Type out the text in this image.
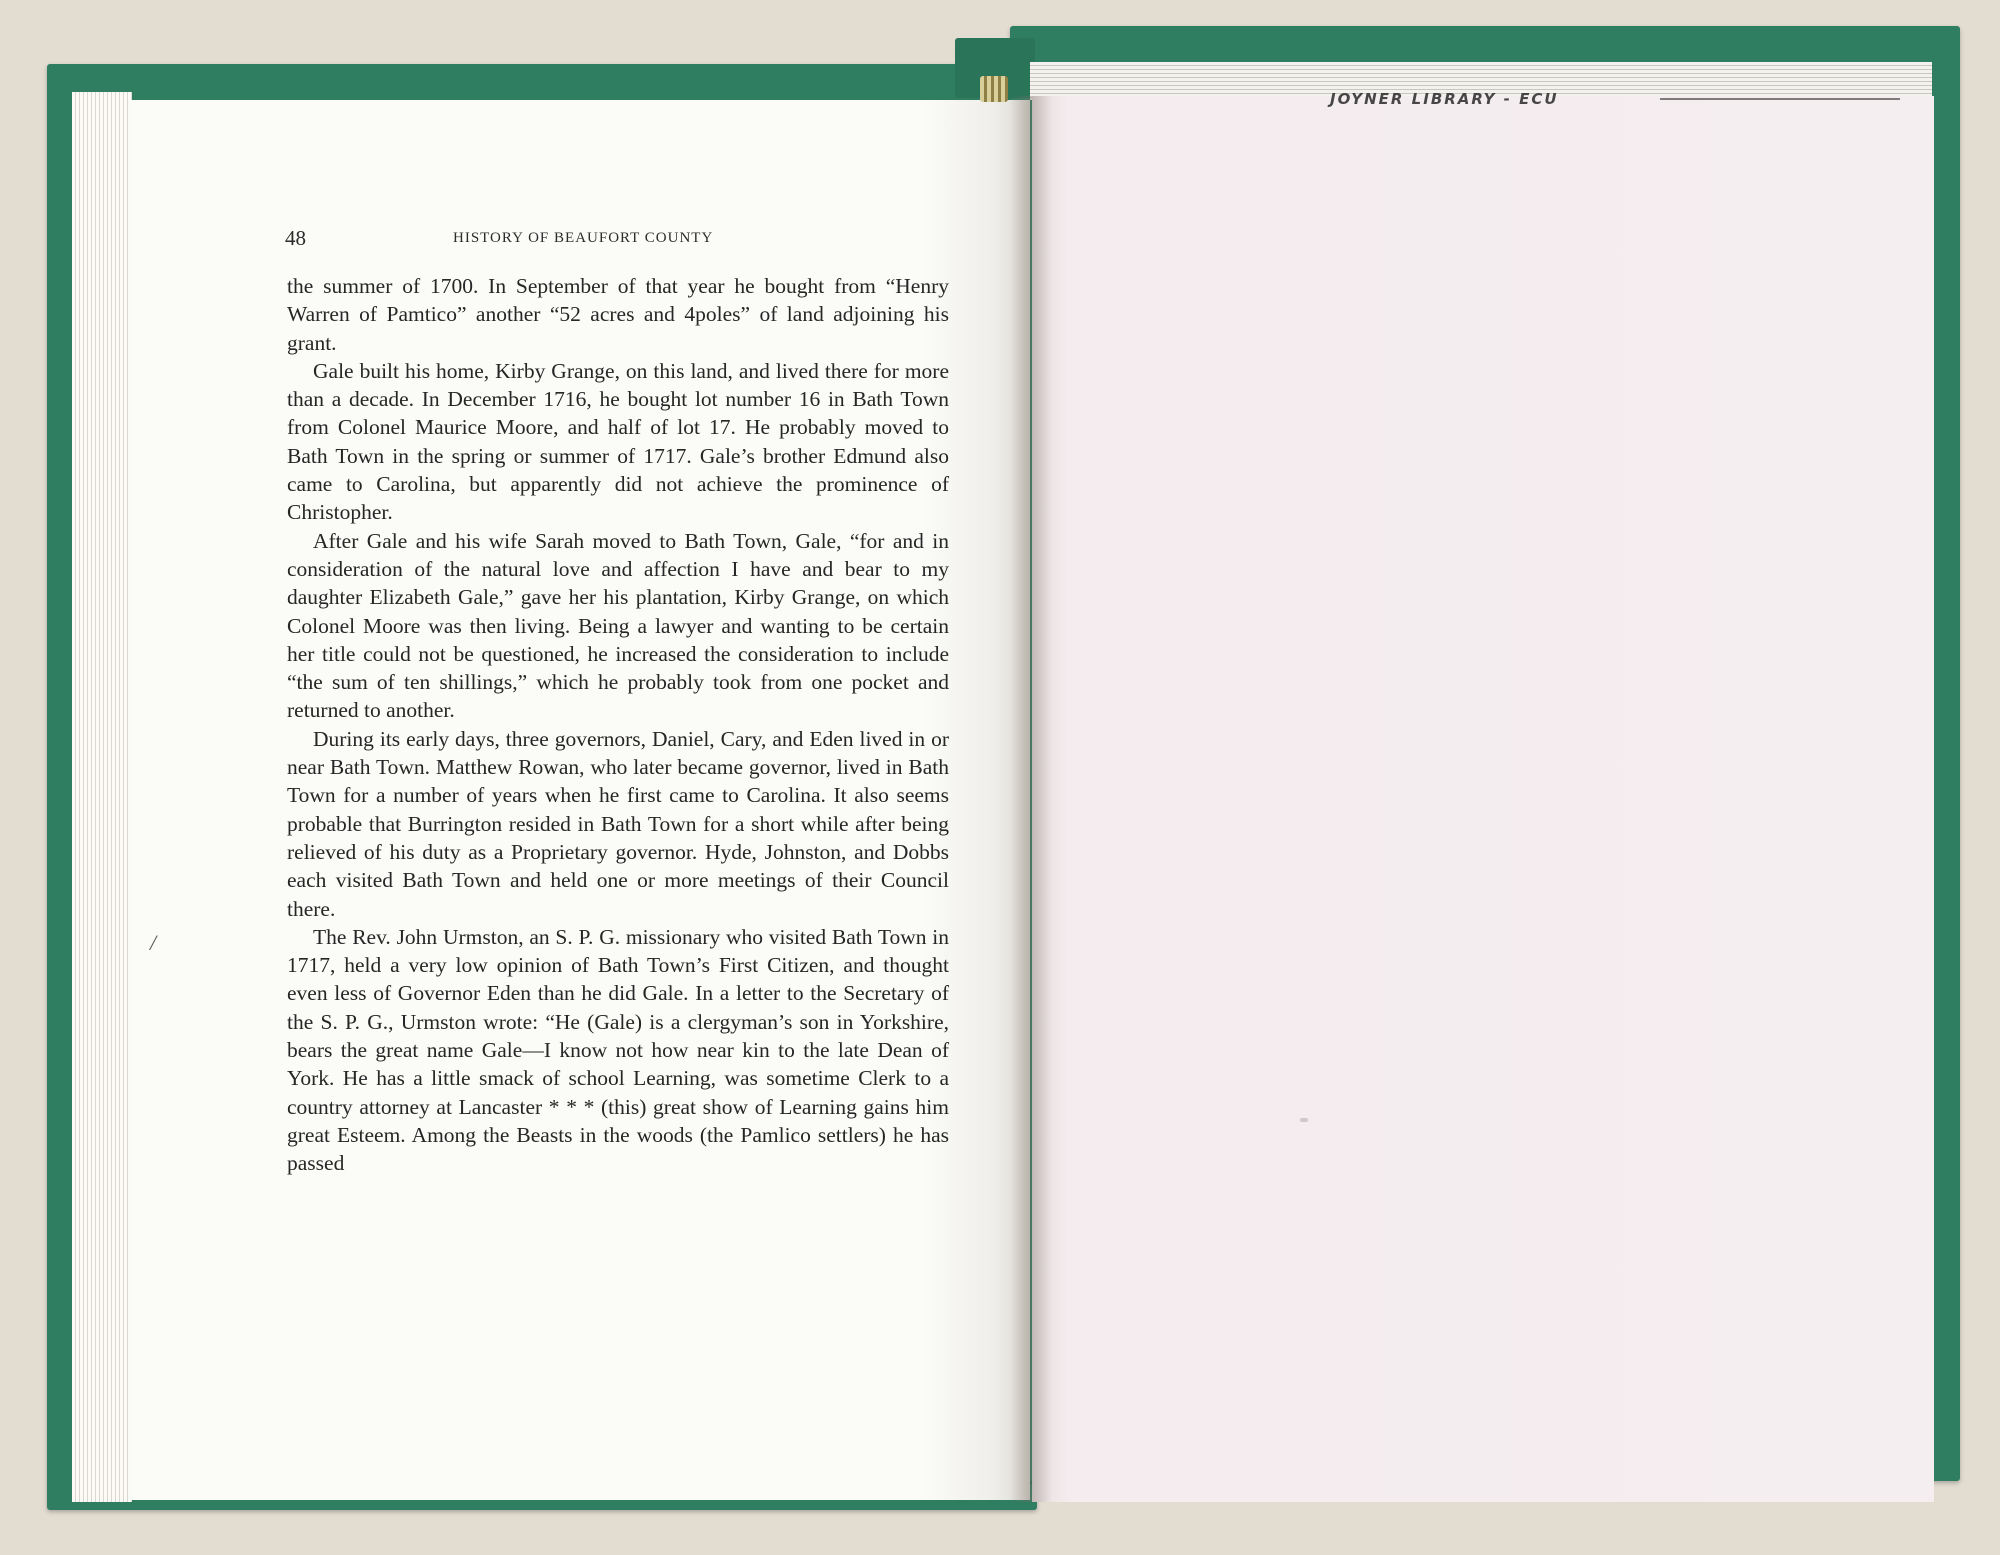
JOYNER LIBRARY - ECU
48	HISTORY OF BEAUFORT COUNTY

the summer of 1700. In September of that year he bought from “Henry Warren of Pamtico” another “52 acres and 4poles” of land adjoining his grant.

Gale built his home, Kirby Grange, on this land, and lived there for more than a decade. In December 1716, he bought lot number 16 in Bath Town from Colonel Maurice Moore, and half of lot 17. He probably moved to Bath Town in the spring or summer of 1717. Gale’s brother Edmund also came to Carolina, but apparently did not achieve the prominence of Christopher.

After Gale and his wife Sarah moved to Bath Town, Gale, “for and in consideration of the natural love and affection I have and bear to my daughter Elizabeth Gale,” gave her his plantation, Kirby Grange, on which Colonel Moore was then living. Being a lawyer and wanting to be certain her title could not be questioned, he increased the consideration to include “the sum of ten shillings,” which he probably took from one pocket and returned to another.

During its early days, three governors, Daniel, Cary, and Eden lived in or near Bath Town. Matthew Rowan, who later became governor, lived in Bath Town for a number of years when he first came to Carolina. It also seems probable that Burrington resided in Bath Town for a short while after being relieved of his duty as a Proprietary governor. Hyde, Johnston, and Dobbs each visited Bath Town and held one or more meetings of their Council there.

The Rev. John Urmston, an S. P. G. missionary who visited Bath Town in 1717, held a very low opinion of Bath Town’s First Citizen, and thought even less of Governor Eden than he did Gale. In a letter to the Secretary of the S. P. G., Urmston wrote: “He (Gale) is a clergyman’s son in Yorkshire, bears the great name Gale—I know not how near kin to the late Dean of York. He has a little smack of school Learning, was sometime Clerk to a country attorney at Lancaster * * * (this) great show of Learning gains him great Esteem. Among the Beasts in the woods (the Pamlico settlers) he has passed

/
